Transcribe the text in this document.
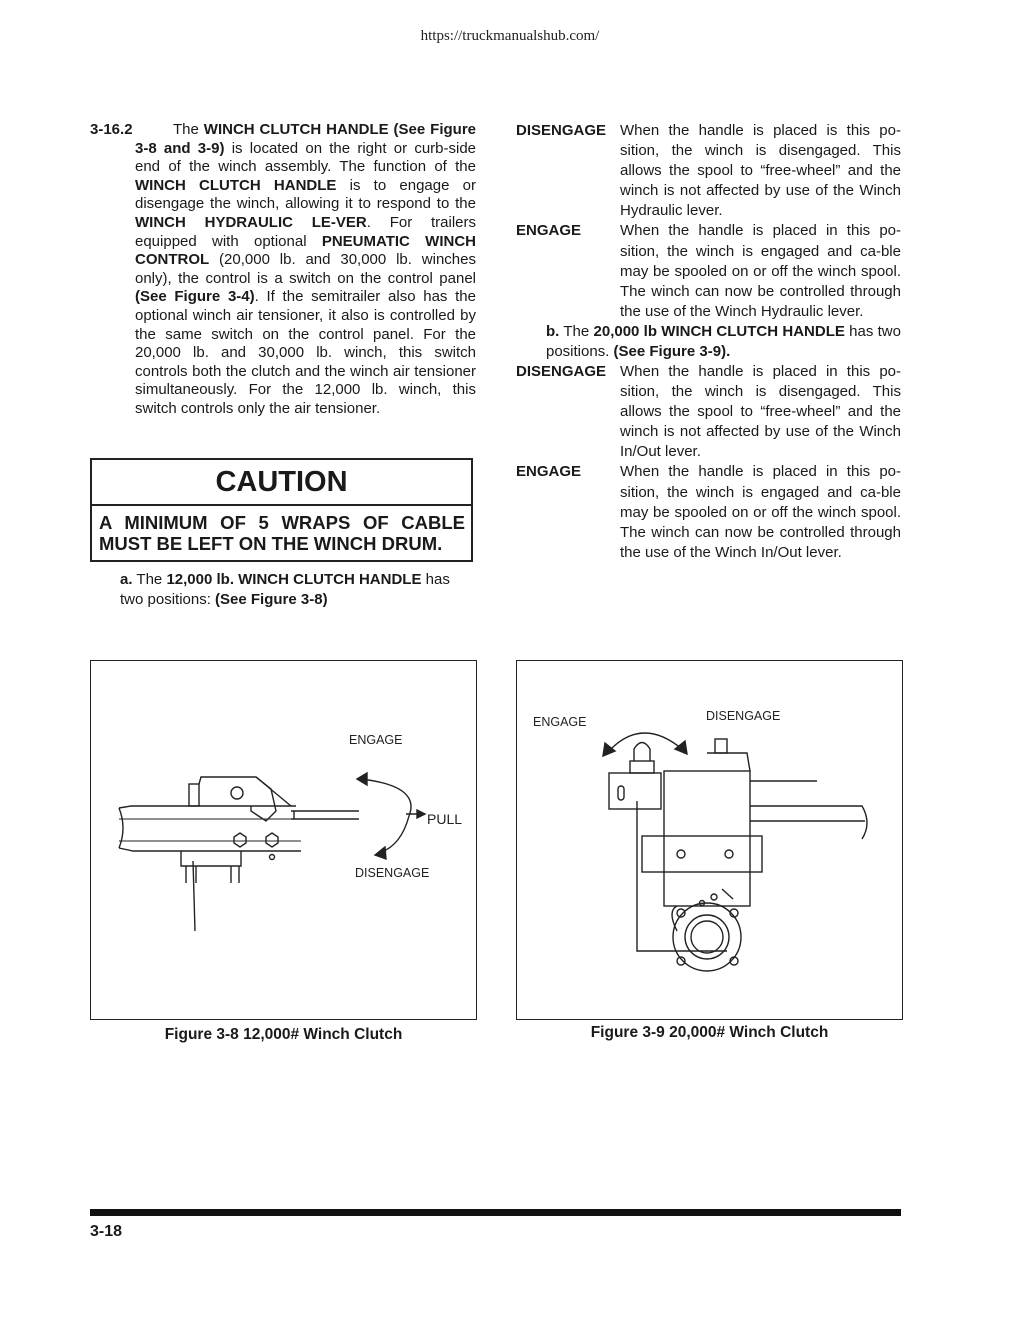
https://truckmanualshub.com/
3-16.2	The WINCH CLUTCH HANDLE (See Figure 3-8 and 3-9) is located on the right or curb-side end of the winch assembly. The function of the WINCH CLUTCH HANDLE is to engage or disengage the winch, allowing it to respond to the WINCH HYDRAULIC LE-VER. For trailers equipped with optional PNEUMATIC WINCH CONTROL (20,000 lb. and 30,000 lb. winches only), the control is a switch on the control panel (See Figure 3-4). If the semitrailer also has the optional winch air tensioner, it also is controlled by the same switch on the control panel. For the 20,000 lb. and 30,000 lb. winch, this switch controls both the clutch and the winch air tensioner simultaneously. For the 12,000 lb. winch, this switch controls only the air tensioner.
CAUTION
A MINIMUM OF 5 WRAPS OF CABLE MUST BE LEFT ON THE WINCH DRUM.
a. The 12,000 lb. WINCH CLUTCH HANDLE has two positions: (See Figure 3-8)
DISENGAGE When the handle is placed is this po-sition, the winch is disengaged. This allows the spool to “free-wheel” and the winch is not affected by use of the Winch Hydraulic lever.
ENGAGE	When the handle is placed in this po-sition, the winch is engaged and ca-ble may be spooled on or off the winch spool. The winch can now be controlled through the use of the Winch Hydraulic lever.
b. The 20,000 lb WINCH CLUTCH HANDLE has two positions. (See Figure 3-9).
DISENGAGE When the handle is placed in this po-sition, the winch is disengaged. This allows the spool to “free-wheel” and the winch is not affected by use of the Winch In/Out lever.
ENGAGE	When the handle is placed in this po-sition, the winch is engaged and ca-ble may be spooled on or off the winch spool. The winch can now be controlled through the use of the Winch In/Out lever.
ENGAGE
PULL
DISENGAGE
Figure 3-8 12,000# Winch Clutch
ENGAGE	DISENGAGE
Figure 3-9 20,000# Winch Clutch
3-18
